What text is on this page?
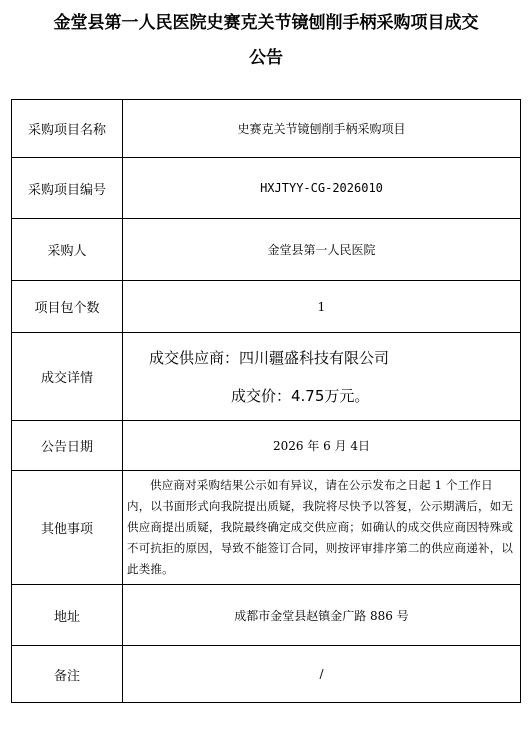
金堂县第一人民医院史赛克关节镜刨削手柄采购项目成交
公告
采购项目名称	史赛克关节镜刨削手柄采购项目
采购项目编号	HXJTYY-CG-2026010
采购人	金堂县第一人民医院
项目包个数	1
成交详情	成交供应商：四川疆盛科技有限公司
成交价：4.75万元。

公告日期	2026 年 6 月 4日
其他事项	供应商对采购结果公示如有异议，请在公示发布之日起 1 个工作日内，以书面形式向我院提出质疑，我院将尽快予以答复，公示期满后，如无供应商提出质疑，我院最终确定成交供应商；如确认的成交供应商因特殊或不可抗拒的原因，导致不能签订合同，则按评审排序第二的供应商递补，以此类推。

地址	成都市金堂县赵镇金广路 886 号
备注	/
